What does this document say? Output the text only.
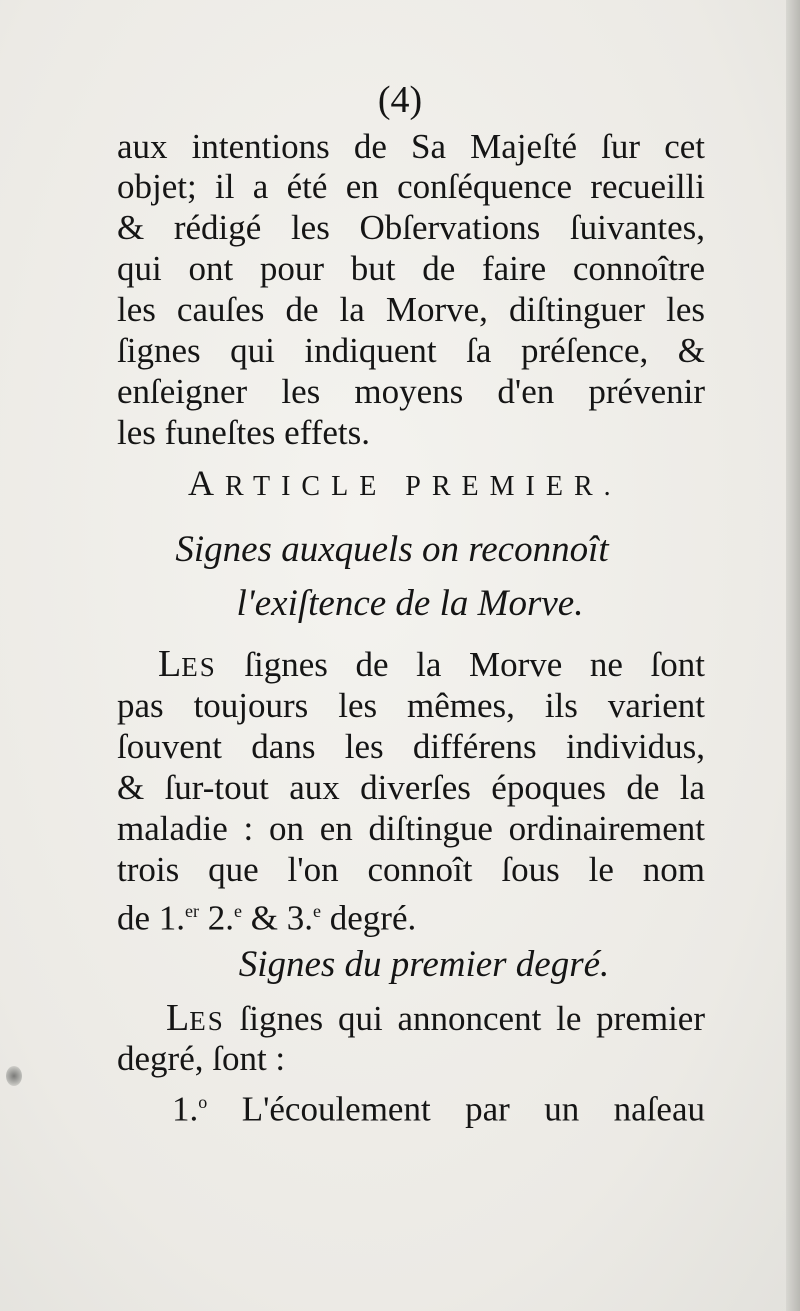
(4)
aux intentions de Sa Majeſté ſur cet
objet; il a été en conſéquence recueilli
& rédigé les Obſervations ſuivantes,
qui ont pour but de faire connoître
les cauſes de la Morve, diſtinguer les
ſignes qui indiquent ſa préſence, &
enſeigner les moyens d'en prévenir
les funeſtes effets.
ARTICLE PREMIER.
Signes auxquels on reconnoît
l'exiſtence de la Morve.
LES ſignes de la Morve ne ſont
pas toujours les mêmes, ils varient
ſouvent dans les différens individus,
& ſur-tout aux diverſes époques de la
maladie : on en diſtingue ordinairement
trois que l'on connoît ſous le nom
de 1.$^{er}$ 2.$^e$ & 3.$^e$ degré.
Signes du premier degré.
LES ſignes qui annoncent le premier
degré, ſont :
1.$^o$ L'écoulement par un naſeau
